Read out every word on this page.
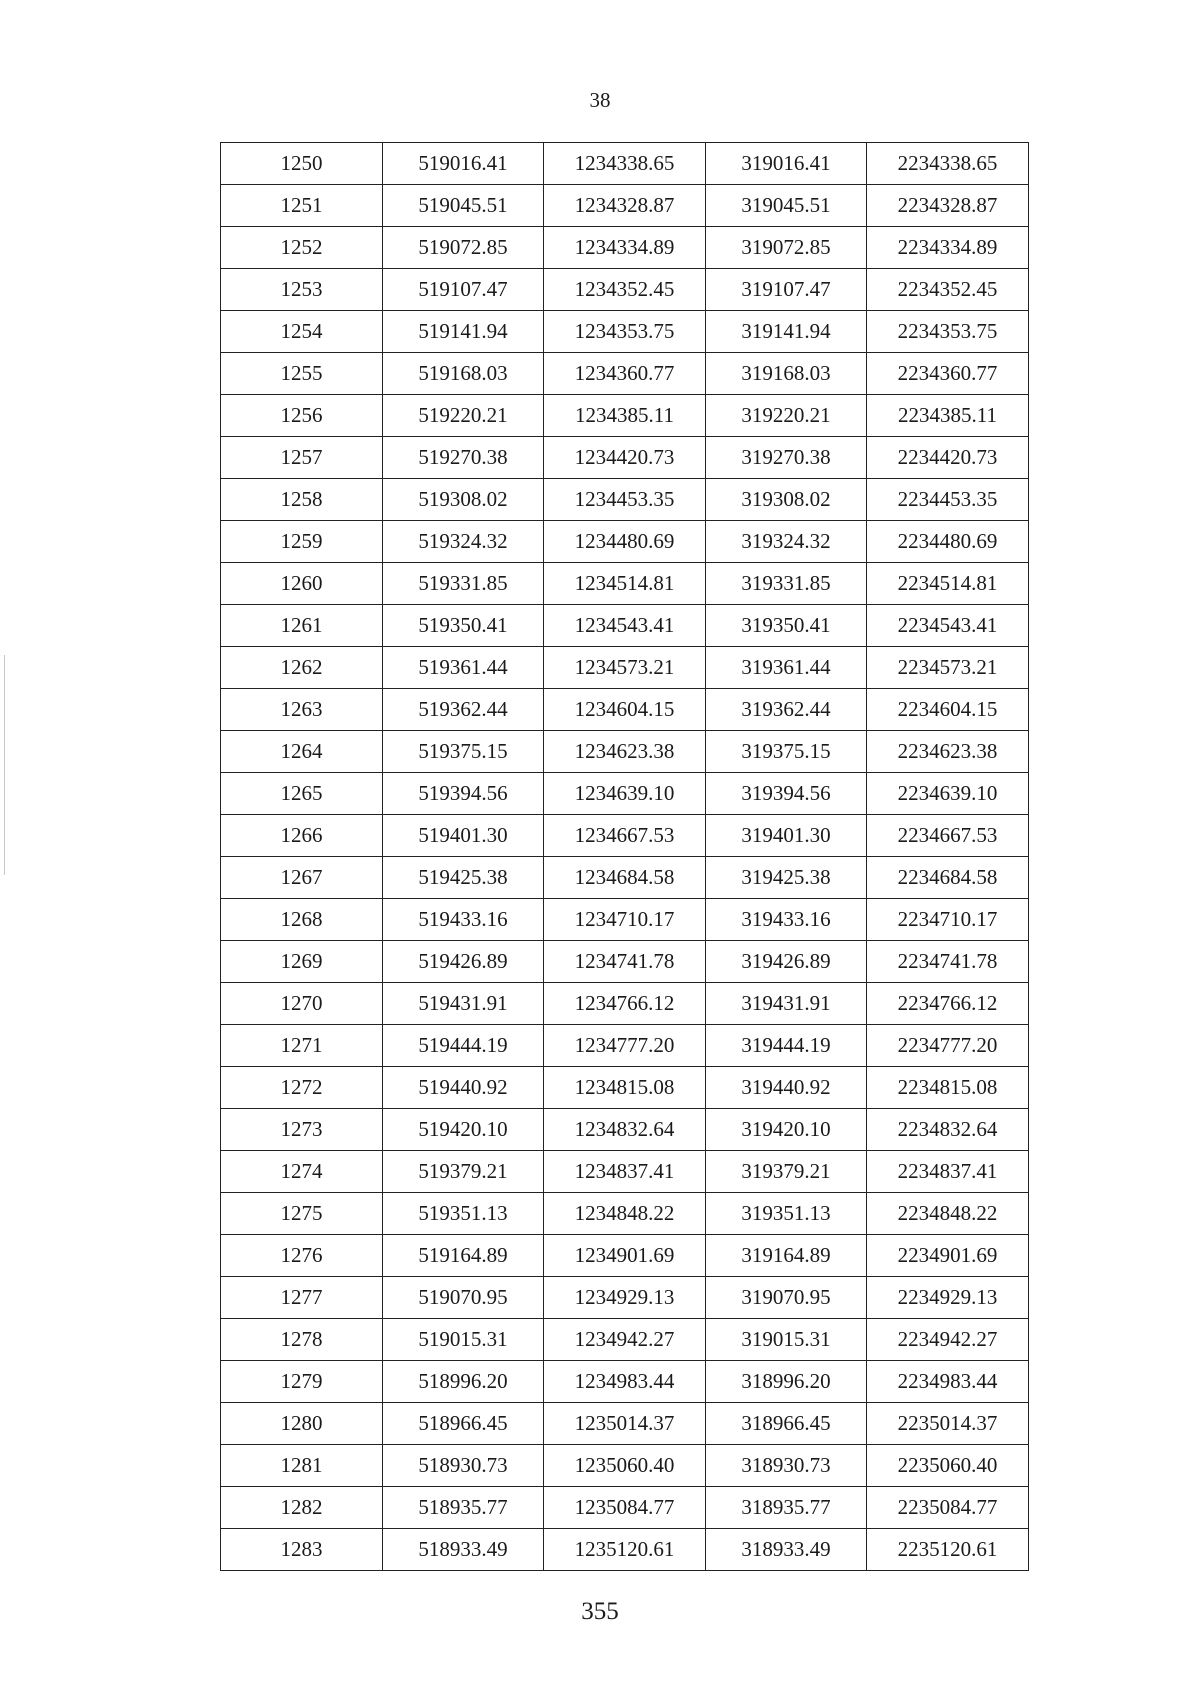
38
1250	519016.41	1234338.65	319016.41	2234338.65
1251	519045.51	1234328.87	319045.51	2234328.87
1252	519072.85	1234334.89	319072.85	2234334.89
1253	519107.47	1234352.45	319107.47	2234352.45
1254	519141.94	1234353.75	319141.94	2234353.75
1255	519168.03	1234360.77	319168.03	2234360.77
1256	519220.21	1234385.11	319220.21	2234385.11
1257	519270.38	1234420.73	319270.38	2234420.73
1258	519308.02	1234453.35	319308.02	2234453.35
1259	519324.32	1234480.69	319324.32	2234480.69
1260	519331.85	1234514.81	319331.85	2234514.81
1261	519350.41	1234543.41	319350.41	2234543.41
1262	519361.44	1234573.21	319361.44	2234573.21
1263	519362.44	1234604.15	319362.44	2234604.15
1264	519375.15	1234623.38	319375.15	2234623.38
1265	519394.56	1234639.10	319394.56	2234639.10
1266	519401.30	1234667.53	319401.30	2234667.53
1267	519425.38	1234684.58	319425.38	2234684.58
1268	519433.16	1234710.17	319433.16	2234710.17
1269	519426.89	1234741.78	319426.89	2234741.78
1270	519431.91	1234766.12	319431.91	2234766.12
1271	519444.19	1234777.20	319444.19	2234777.20
1272	519440.92	1234815.08	319440.92	2234815.08
1273	519420.10	1234832.64	319420.10	2234832.64
1274	519379.21	1234837.41	319379.21	2234837.41
1275	519351.13	1234848.22	319351.13	2234848.22
1276	519164.89	1234901.69	319164.89	2234901.69
1277	519070.95	1234929.13	319070.95	2234929.13
1278	519015.31	1234942.27	319015.31	2234942.27
1279	518996.20	1234983.44	318996.20	2234983.44
1280	518966.45	1235014.37	318966.45	2235014.37
1281	518930.73	1235060.40	318930.73	2235060.40
1282	518935.77	1235084.77	318935.77	2235084.77
1283	518933.49	1235120.61	318933.49	2235120.61
355
